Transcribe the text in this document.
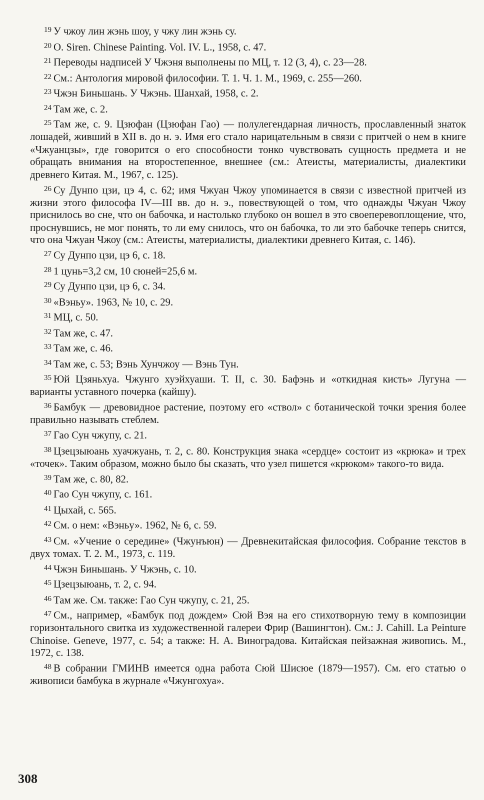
$^{19}$ У чжоу лин жэнь шоу, у чжу лин жэнь су.

$^{20}$ O. Siren. Chinese Painting. Vol. IV. L., 1958, с. 47.

$^{21}$ Переводы надписей У Чжэня выполнены по МЦ, т. 12 (3, 4), с. 23—28.

$^{22}$ См.: Антология мировой философии. Т. 1. Ч. 1. М., 1969, с. 255—260.

$^{23}$ Чжэн Биньшань. У Чжэнь. Шанхай, 1958, с. 2.

$^{24}$ Там же, с. 2.

$^{25}$ Там же, с. 9. Цзюфан (Цзюфан Гао) — полулегендарная личность, прославленный знаток лошадей, живший в XII в. до н. э. Имя его стало нарицательным в связи с притчей о нем в книге «Чжуанцзы», где говорится о его способности тонко чувствовать сущность предмета и не обращать внимания на второстепенное, внешнее (см.: Атеисты, материалисты, диалектики древнего Китая. М., 1967, с. 125).

$^{26}$ Су Дунпо цзи, цэ 4, с. 62; имя Чжуан Чжоу упоминается в связи с известной притчей из жизни этого философа IV—III вв. до н. э., повествующей о том, что однажды Чжуан Чжоу приснилось во сне, что он бабочка, и настолько глубоко он вошел в это своеперевоплощение, что, проснувшись, не мог понять, то ли ему снилось, что он бабочка, то ли это бабочке теперь снится, что она Чжуан Чжоу (см.: Атеисты, материалисты, диалектики древнего Китая, с. 146).

$^{27}$ Су Дунпо цзи, цэ 6, с. 18.

$^{28}$ 1 цунь=3,2 см, 10 сюней=25,6 м.

$^{29}$ Су Дунпо цзи, цэ 6, с. 34.

$^{30}$ «Вэньу». 1963, № 10, с. 29.

$^{31}$ МЦ, с. 50.

$^{32}$ Там же, с. 47.

$^{33}$ Там же, с. 46.

$^{34}$ Там же, с. 53; Вэнь Хунчжоу — Вэнь Тун.

$^{35}$ Юй Цзяньхуа. Чжунго хуэйхуаши. Т. II, с. 30. Бафэнь и «откидная кисть» Лугуна — варианты уставного почерка (кайшу).

$^{36}$ Бамбук — древовидное растение, поэтому его «ствол» с ботанической точки зрения более правильно называть стеблем.

$^{37}$ Гао Сун чжупу, с. 21.

$^{38}$ Цзецзыюань хуачжуань, т. 2, с. 80. Конструкция знака «сердце» состоит из «крюка» и трех «точек». Таким образом, можно было бы сказать, что узел пишется «крюком» такого-то вида.

$^{39}$ Там же, с. 80, 82.

$^{40}$ Гао Сун чжупу, с. 161.

$^{41}$ Цыхай, с. 565.

$^{42}$ См. о нем: «Вэньу». 1962, № 6, с. 59.

$^{43}$ См. «Учение о середине» (Чжунъюн) — Древнекитайская философия. Собрание текстов в двух томах. Т. 2. М., 1973, с. 119.

$^{44}$ Чжэн Биньшань. У Чжэнь, с. 10.

$^{45}$ Цзецзыюань, т. 2, с. 94.

$^{46}$ Там же. См. также: Гао Сун чжупу, с. 21, 25.

$^{47}$ См., например, «Бамбук под дождем» Сюй Вэя на его стихотворную тему в композиции горизонтального свитка из художественной галереи Фрир (Вашингтон). См.: J. Cahill. La Peinture Chinoise. Geneve, 1977, с. 54; а также: Н. А. Виноградова. Китайская пейзажная живопись. М., 1972, с. 138.

$^{48}$ В собрании ГМИНВ имеется одна работа Сюй Шисюе (1879—1957). См. его статью о живописи бамбука в журнале «Чжунгохуа».

308
